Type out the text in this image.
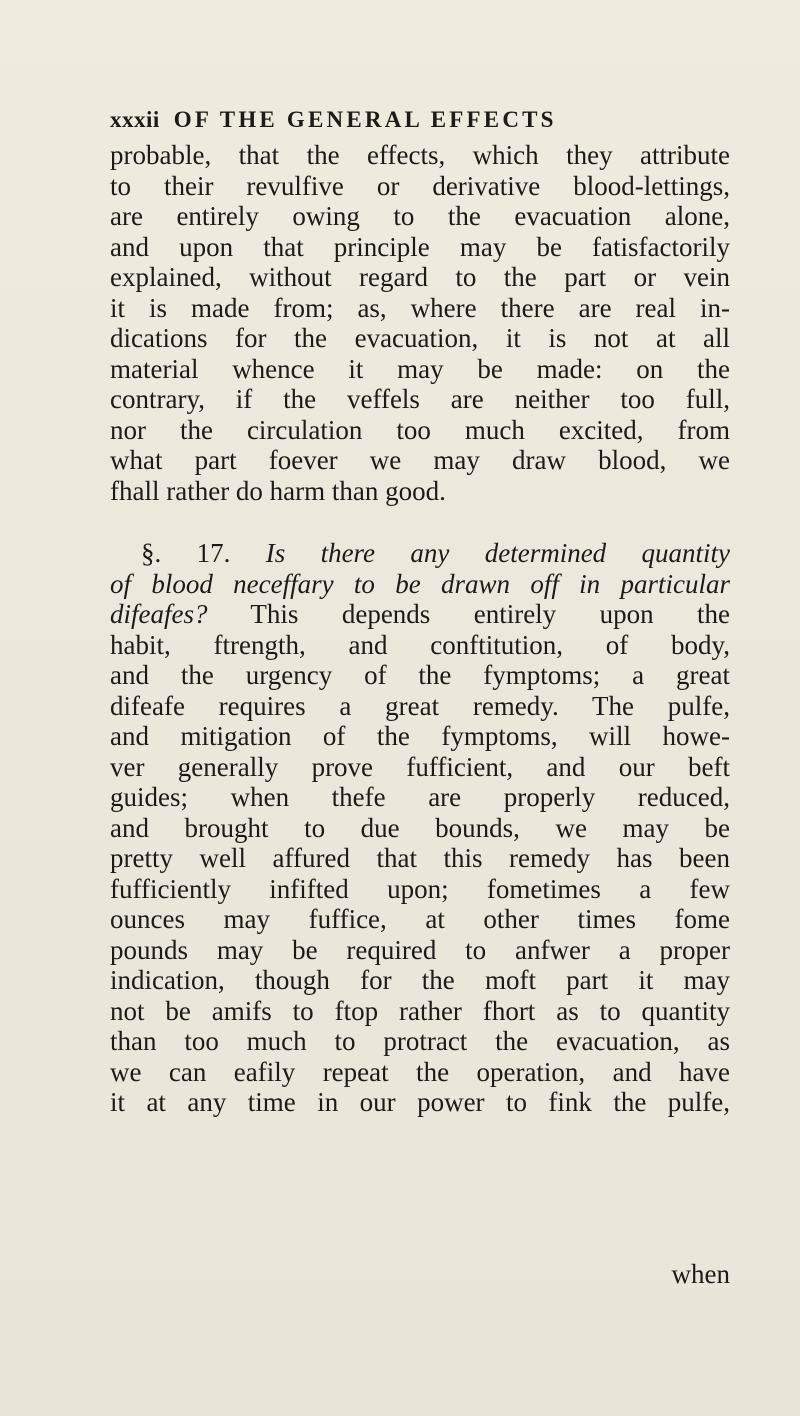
xxxii OF THE GENERAL EFFECTS
probable, that the effects, which they attribute
to their revulfive or derivative blood-lettings,
are entirely owing to the evacuation alone,
and upon that principle may be fatisfactorily
explained, without regard to the part or vein
it is made from; as, where there are real in-
dications for the evacuation, it is not at all
material whence it may be made: on the
contrary, if the veffels are neither too full,
nor the circulation too much excited, from
what part foever we may draw blood, we
fhall rather do harm than good.
§. 17. Is there any determined quantity
of blood neceffary to be drawn off in particular
difeafes? This depends entirely upon the
habit, ftrength, and conftitution, of body,
and the urgency of the fymptoms; a great
difeafe requires a great remedy. The pulfe,
and mitigation of the fymptoms, will howe-
ver generally prove fufficient, and our beft
guides; when thefe are properly reduced,
and brought to due bounds, we may be
pretty well affured that this remedy has been
fufficiently infifted upon; fometimes a few
ounces may fuffice, at other times fome
pounds may be required to anfwer a proper
indication, though for the moft part it may
not be amifs to ftop rather fhort as to quantity
than too much to protract the evacuation, as
we can eafily repeat the operation, and have
it at any time in our power to fink the pulfe,
when
